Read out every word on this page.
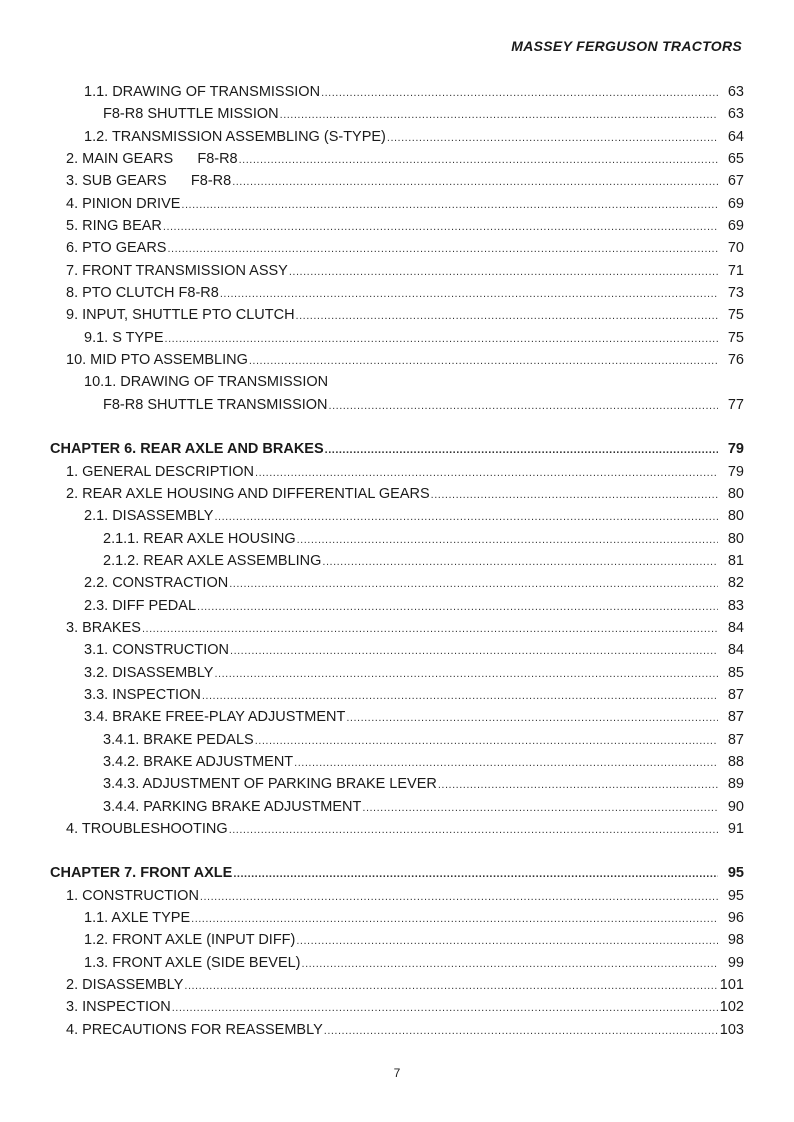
MASSEY FERGUSON TRACTORS
1.1. DRAWING OF TRANSMISSION .....	63
F8-R8 SHUTTLE MISSION .....	63
1.2. TRANSMISSION ASSEMBLING (S-TYPE) .....	64
2. MAIN GEARS      F8-R8 .....	65
3. SUB GEARS      F8-R8 .....	67
4. PINION DRIVE .....	69
5. RING BEAR .....	69
6. PTO GEARS .....	70
7. FRONT TRANSMISSION ASSY .....	71
8. PTO CLUTCH F8-R8 .....	73
9. INPUT, SHUTTLE PTO CLUTCH .....	75
9.1. S TYPE .....	75
10. MID PTO ASSEMBLING .....	76
10.1. DRAWING OF TRANSMISSION
F8-R8 SHUTTLE TRANSMISSION .....	77
CHAPTER 6. REAR AXLE AND BRAKES .....	79
1. GENERAL DESCRIPTION .....	79
2. REAR AXLE HOUSING AND DIFFERENTIAL GEARS .....	80
2.1. DISASSEMBLY .....	80
2.1.1. REAR AXLE HOUSING .....	80
2.1.2. REAR AXLE ASSEMBLING .....	81
2.2. CONSTRACTION .....	82
2.3. DIFF PEDAL .....	83
3. BRAKES .....	84
3.1. CONSTRUCTION .....	84
3.2. DISASSEMBLY .....	85
3.3. INSPECTION .....	87
3.4. BRAKE FREE-PLAY ADJUSTMENT .....	87
3.4.1. BRAKE PEDALS .....	87
3.4.2. BRAKE ADJUSTMENT .....	88
3.4.3. ADJUSTMENT OF PARKING BRAKE LEVER .....	89
3.4.4. PARKING BRAKE ADJUSTMENT .....	90
4. TROUBLESHOOTING .....	91
CHAPTER 7. FRONT AXLE .....	95
1. CONSTRUCTION .....	95
1.1. AXLE TYPE .....	96
1.2. FRONT AXLE (INPUT DIFF) .....	98
1.3. FRONT AXLE (SIDE BEVEL) .....	99
2. DISASSEMBLY .....	101
3. INSPECTION .....	102
4. PRECAUTIONS FOR REASSEMBLY .....	103
7
